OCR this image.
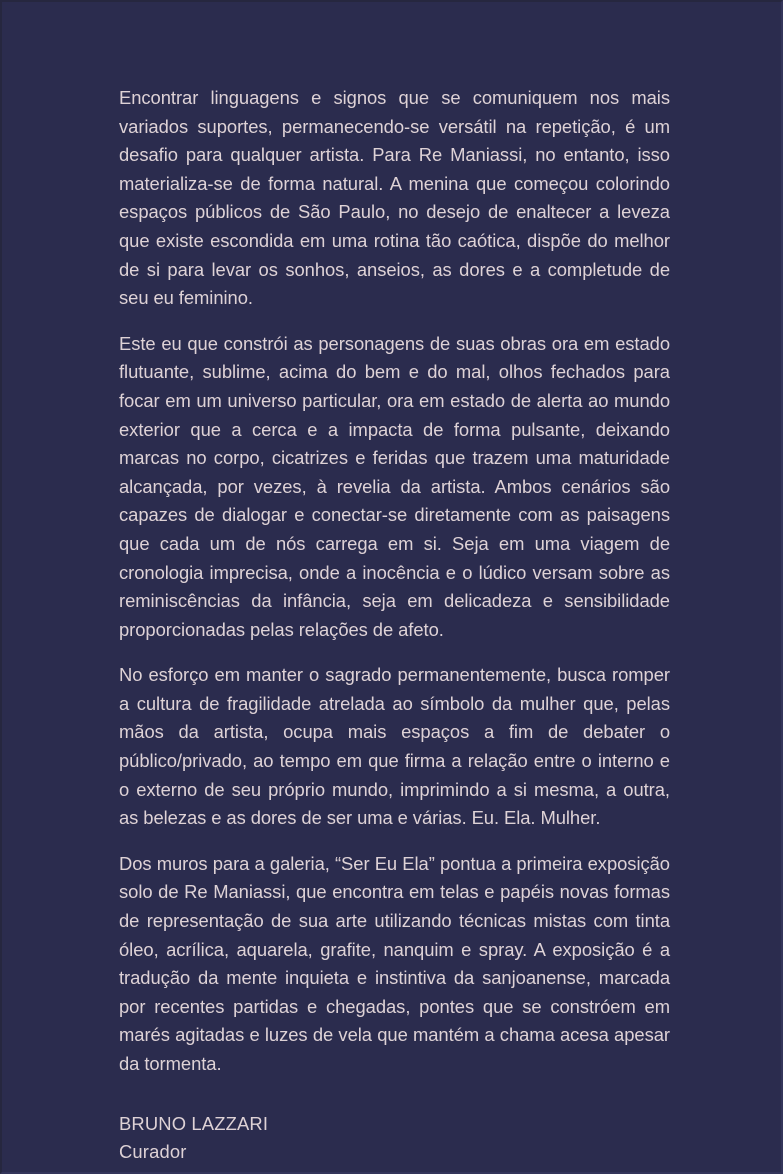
Encontrar linguagens e signos que se comuniquem nos mais variados suportes, permanecendo-se versátil na repetição, é um desafio para qualquer artista. Para Re Maniassi, no entanto, isso materializa-se de forma natural. A menina que começou colorindo espaços públicos de São Paulo, no desejo de enaltecer a leveza que existe escondida em uma rotina tão caótica, dispõe do melhor de si para levar os sonhos, anseios, as dores e a completude de seu eu feminino.

Este eu que constrói as personagens de suas obras ora em estado flutuante, sublime, acima do bem e do mal, olhos fechados para focar em um universo particular, ora em estado de alerta ao mundo exterior que a cerca e a impacta de forma pulsante, deixando marcas no corpo, cicatrizes e feridas que trazem uma maturidade alcançada, por vezes, à revelia da artista. Ambos cenários são capazes de dialogar e conectar-se diretamente com as paisagens que cada um de nós carrega em si. Seja em uma viagem de cronologia imprecisa, onde a inocência e o lúdico versam sobre as reminiscências da infância, seja em delicadeza e sensibilidade proporcionadas pelas relações de afeto.

No esforço em manter o sagrado permanentemente, busca romper a cultura de fragilidade atrelada ao símbolo da mulher que, pelas mãos da artista, ocupa mais espaços a fim de debater o público/privado, ao tempo em que firma a relação entre o interno e o externo de seu próprio mundo, imprimindo a si mesma, a outra, as belezas e as dores de ser uma e várias. Eu. Ela. Mulher.

Dos muros para a galeria, “Ser Eu Ela” pontua a primeira exposição solo de Re Maniassi, que encontra em telas e papéis novas formas de representação de sua arte utilizando técnicas mistas com tinta óleo, acrílica, aquarela, grafite, nanquim e spray. A exposição é a tradução da mente inquieta e instintiva da sanjoanense, marcada por recentes partidas e chegadas, pontes que se constróem em marés agitadas e luzes de vela que mantém a chama acesa apesar da tormenta.

BRUNO LAZZARI

Curador
